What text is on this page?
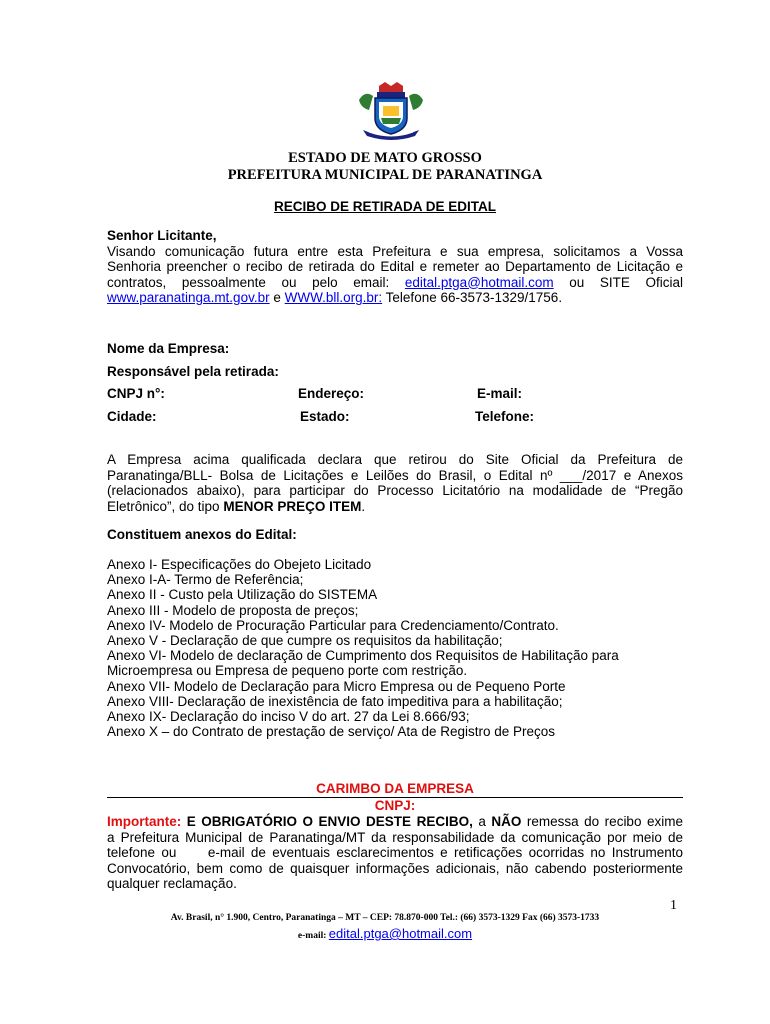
ESTADO DE MATO GROSSO
PREFEITURA MUNICIPAL DE PARANATINGA
RECIBO DE RETIRADA DE EDITAL
Senhor Licitante,
Visando comunicação futura entre esta Prefeitura e sua empresa, solicitamos a Vossa
Senhoria preencher o recibo de retirada do Edital e remeter ao Departamento de Licitação e
contratos, pessoalmente ou pelo email: edital.ptga@hotmail.com ou SITE Oficial
www.paranatinga.mt.gov.br e WWW.bll.org.br: Telefone 66-3573-1329/1756.
Nome da Empresa:
Responsável pela retirada:
CNPJ n°:	Endereço:	E-mail:
Cidade:	Estado:	Telefone:
A Empresa acima qualificada declara que retirou do Site Oficial da Prefeitura de
Paranatinga/BLL- Bolsa de Licitações e Leilões do Brasil, o Edital nº ___/2017 e Anexos
(relacionados abaixo), para participar do Processo Licitatório na modalidade de “Pregão
Eletrônico”, do tipo MENOR PREÇO ITEM.
Constituem anexos do Edital:
Anexo I- Especificações do Obejeto Licitado
Anexo I-A- Termo de Referência;
Anexo II - Custo pela Utilização do SISTEMA
Anexo III - Modelo de proposta de preços;
Anexo IV- Modelo de Procuração Particular para Credenciamento/Contrato.
Anexo V - Declaração de que cumpre os requisitos da habilitação;
Anexo VI- Modelo de declaração de Cumprimento dos Requisitos de Habilitação para
Microempresa ou Empresa de pequeno porte com restrição.
Anexo VII- Modelo de Declaração para Micro Empresa ou de Pequeno Porte
Anexo VIII- Declaração de inexistência de fato impeditiva para a habilitação;
Anexo IX- Declaração do inciso V do art. 27 da Lei 8.666/93;
Anexo X – do Contrato de prestação de serviço/ Ata de Registro de Preços
CARIMBO DA EMPRESA
CNPJ:
Importante: E OBRIGATÓRIO O ENVIO DESTE RECIBO, a NÃO remessa do recibo exime
a Prefeitura Municipal de Paranatinga/MT da responsabilidade da comunicação por meio de
telefone ou     e-mail de eventuais esclarecimentos e retificações ocorridas no Instrumento
Convocatório, bem como de quaisquer informações adicionais, não cabendo posteriormente
qualquer reclamação.
1
Av. Brasil, n° 1.900, Centro, Paranatinga – MT – CEP: 78.870-000 Tel.: (66) 3573-1329 Fax (66) 3573-1733
e-mail: edital.ptga@hotmail.com
